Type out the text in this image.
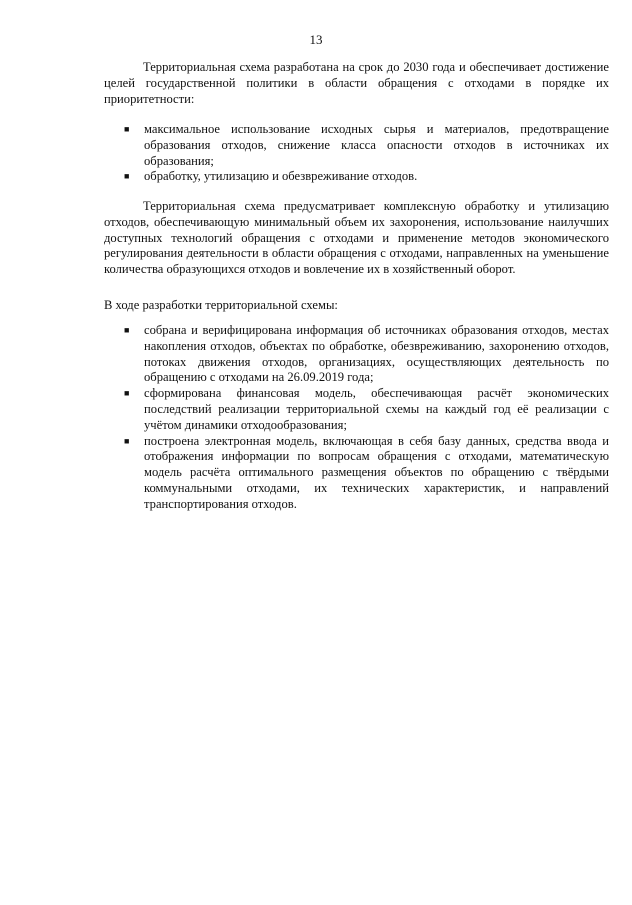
13

Территориальная схема разработана на срок до 2030 года и обеспечивает достижение целей государственной политики в области обращения с отходами в порядке их приоритетности:

■ максимальное использование исходных сырья и материалов, предотвращение образования отходов, снижение класса опасности отходов в источниках их образования;
■ обработку, утилизацию и обезвреживание отходов.

Территориальная схема предусматривает комплексную обработку и утилизацию отходов, обеспечивающую минимальный объем их захоронения, использование наилучших доступных технологий обращения с отходами и применение методов экономического регулирования деятельности в области обращения с отходами, направленных на уменьшение количества образующихся отходов и вовлечение их в хозяйственный оборот.

В ходе разработки территориальной схемы:

■ собрана и верифицирована информация об источниках образования отходов, местах накопления отходов, объектах по обработке, обезвреживанию, захоронению отходов, потоках движения отходов, организациях, осуществляющих деятельность по обращению с отходами на 26.09.2019 года;
■ сформирована финансовая модель, обеспечивающая расчёт экономических последствий реализации территориальной схемы на каждый год её реализации с учётом динамики отходообразования;
■ построена электронная модель, включающая в себя базу данных, средства ввода и отображения информации по вопросам обращения с отходами, математическую модель расчёта оптимального размещения объектов по обращению с твёрдыми коммунальными отходами, их технических характеристик, и направлений транспортирования отходов.
